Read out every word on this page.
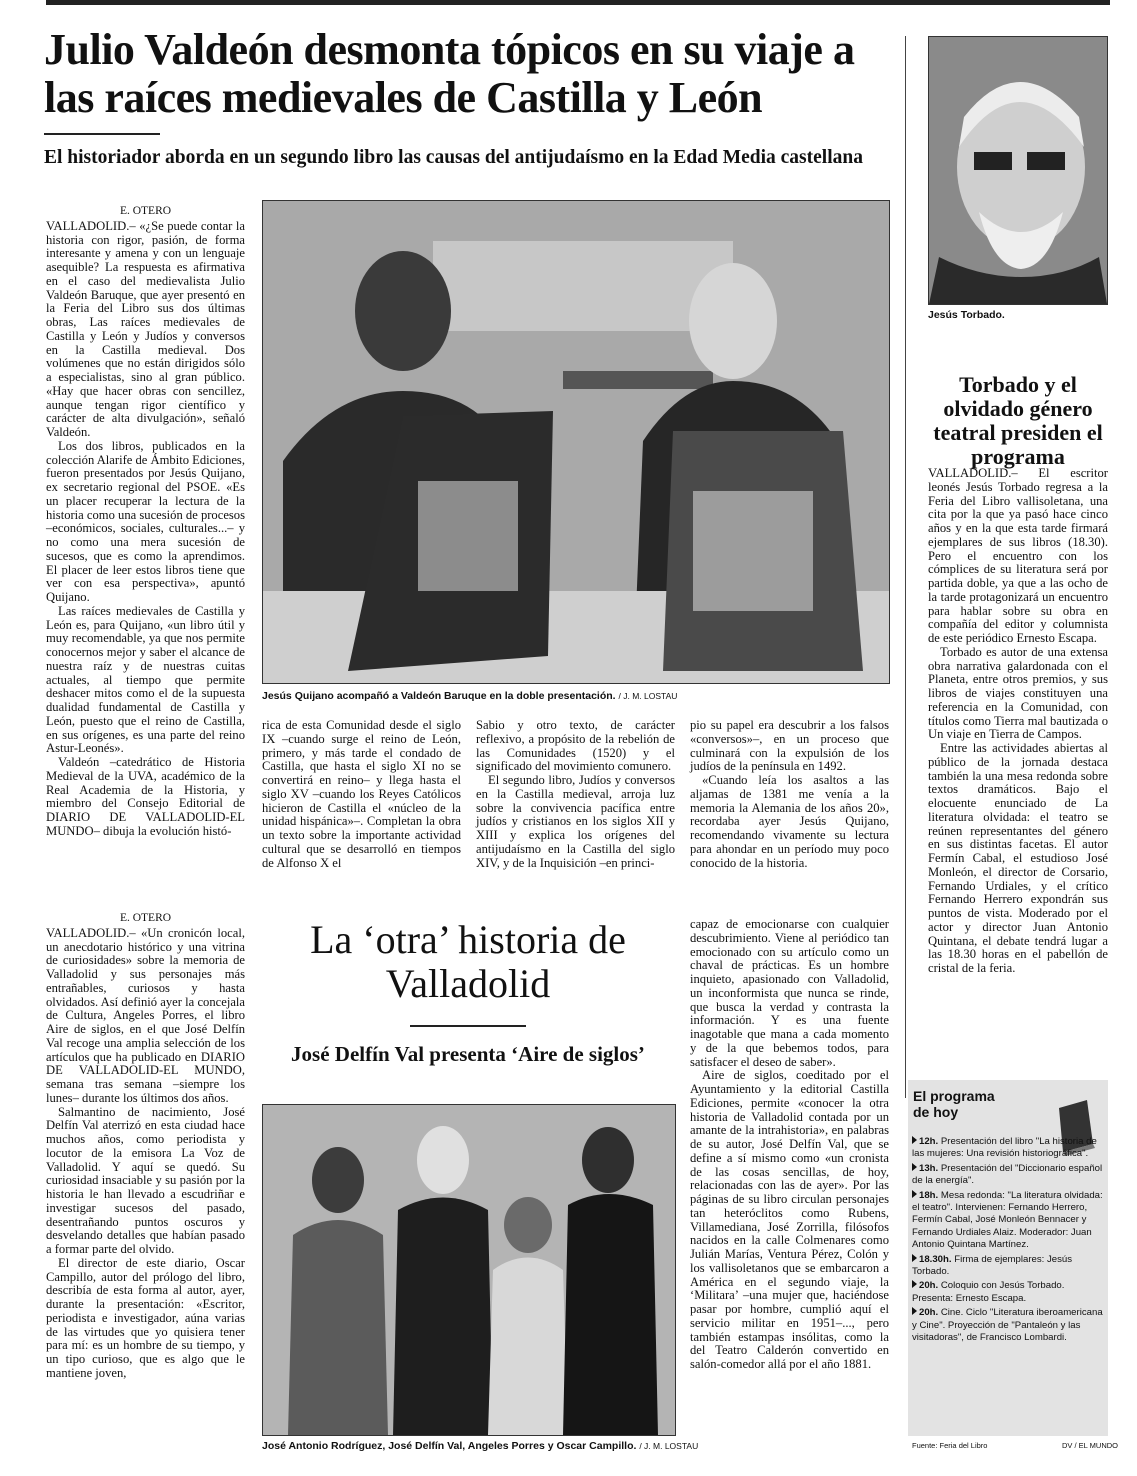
Julio Valdeón desmonta tópicos en su viaje a las raíces medievales de Castilla y León
El historiador aborda en un segundo libro las causas del antijudaísmo en la Edad Media castellana
E. OTERO

VALLADOLID.– «¿Se puede contar la historia con rigor, pasión, de forma interesante y amena y con un lenguaje asequible? La respuesta es afirmativa en el caso del medievalista Julio Valdeón Baruque, que ayer presentó en la Feria del Libro sus dos últimas obras, Las raíces medievales de Castilla y León y Judíos y conversos en la Castilla medieval. Dos volúmenes que no están dirigidos sólo a especialistas, sino al gran público. «Hay que hacer obras con sencillez, aunque tengan rigor científico y carácter de alta divulgación», señaló Valdeón.

Los dos libros, publicados en la colección Alarife de Ámbito Ediciones, fueron presentados por Jesús Quijano, ex secretario regional del PSOE. «Es un placer recuperar la lectura de la historia como una sucesión de procesos –económicos, sociales, culturales...– y no como una mera sucesión de sucesos, que es como la aprendimos. El placer de leer estos libros tiene que ver con esa perspectiva», apuntó Quijano.

Las raíces medievales de Castilla y León es, para Quijano, «un libro útil y muy recomendable, ya que nos permite conocernos mejor y saber el alcance de nuestra raíz y de nuestras cuitas actuales, al tiempo que permite deshacer mitos como el de la supuesta dualidad fundamental de Castilla y León, puesto que el reino de Castilla, en sus orígenes, es una parte del reino Astur-Leonés».

Valdeón –catedrático de Historia Medieval de la UVA, académico de la Real Academia de la Historia, y miembro del Consejo Editorial de DIARIO DE VALLADOLID-EL MUNDO– dibuja la evolución histó-

Jesús Quijano acompañó a Valdeón Baruque en la doble presentación. / J. M. LOSTAU

rica de esta Comunidad desde el siglo IX –cuando surge el reino de León, primero, y más tarde el condado de Castilla, que hasta el siglo XI no se convertirá en reino– y llega hasta el siglo XV –cuando los Reyes Católicos hicieron de Castilla el «núcleo de la unidad hispánica»–. Completan la obra un texto sobre la importante actividad cultural que se desarrolló en tiempos de Alfonso X el

Sabio y otro texto, de carácter reflexivo, a propósito de la rebelión de las Comunidades (1520) y el significado del movimiento comunero.

El segundo libro, Judíos y conversos en la Castilla medieval, arroja luz sobre la convivencia pacífica entre judíos y cristianos en los siglos XII y XIII y explica los orígenes del antijudaísmo en la Castilla del siglo XIV, y de la Inquisición –en princi-

pio su papel era descubrir a los falsos «conversos»–, en un proceso que culminará con la expulsión de los judíos de la península en 1492.

«Cuando leía los asaltos a las aljamas de 1381 me venía a la memoria la Alemania de los años 20», recordaba ayer Jesús Quijano, recomendando vivamente su lectura para ahondar en un período muy poco conocido de la historia.

E. OTERO

VALLADOLID.– «Un cronicón local, un anecdotario histórico y una vitrina de curiosidades» sobre la memoria de Valladolid y sus personajes más entrañables, curiosos y hasta olvidados. Así definió ayer la concejala de Cultura, Angeles Porres, el libro Aire de siglos, en el que José Delfín Val recoge una amplia selección de los artículos que ha publicado en DIARIO DE VALLADOLID-EL MUNDO, semana tras semana –siempre los lunes– durante los últimos dos años.

Salmantino de nacimiento, José Delfín Val aterrizó en esta ciudad hace muchos años, como periodista y locutor de la emisora La Voz de Valladolid. Y aquí se quedó. Su curiosidad insaciable y su pasión por la historia le han llevado a escudriñar e investigar sucesos del pasado, desentrañando puntos oscuros y desvelando detalles que habían pasado a formar parte del olvido.

El director de este diario, Oscar Campillo, autor del prólogo del libro, describía de esta forma al autor, ayer, durante la presentación: «Escritor, periodista e investigador, aúna varias de las virtudes que yo quisiera tener para mí: es un hombre de su tiempo, y un tipo curioso, que es algo que le mantiene joven,

La ‘otra’ historia de Valladolid
José Delfín Val presenta ‘Aire de siglos’
José Antonio Rodríguez, José Delfín Val, Angeles Porres y Oscar Campillo. / J. M. LOSTAU

capaz de emocionarse con cualquier descubrimiento. Viene al periódico tan emocionado con su artículo como un chaval de prácticas. Es un hombre inquieto, apasionado con Valladolid, un inconformista que nunca se rinde, que busca la verdad y contrasta la información. Y es una fuente inagotable que mana a cada momento y de la que bebemos todos, para satisfacer el deseo de saber».

Aire de siglos, coeditado por el Ayuntamiento y la editorial Castilla Ediciones, permite «conocer la otra historia de Valladolid contada por un amante de la intrahistoria», en palabras de su autor, José Delfín Val, que se define a sí mismo como «un cronista de las cosas sencillas, de hoy, relacionadas con las de ayer». Por las páginas de su libro circulan personajes tan heteróclitos como Rubens, Villamediana, José Zorrilla, filósofos nacidos en la calle Colmenares como Julián Marías, Ventura Pérez, Colón y los vallisoletanos que se embarcaron a América en el segundo viaje, la ‘Militara’ –una mujer que, haciéndose pasar por hombre, cumplió aquí el servicio militar en 1951–..., pero también estampas insólitas, como la del Teatro Calderón convertido en salón-comedor allá por el año 1881.

Jesús Torbado.
Torbado y el olvidado género teatral presiden el programa

VALLADOLID.– El escritor leonés Jesús Torbado regresa a la Feria del Libro vallisoletana, una cita por la que ya pasó hace cinco años y en la que esta tarde firmará ejemplares de sus libros (18.30). Pero el encuentro con los cómplices de su literatura será por partida doble, ya que a las ocho de la tarde protagonizará un encuentro para hablar sobre su obra en compañía del editor y columnista de este periódico Ernesto Escapa.

Torbado es autor de una extensa obra narrativa galardonada con el Planeta, entre otros premios, y sus libros de viajes constituyen una referencia en la Comunidad, con títulos como Tierra mal bautizada o Un viaje en Tierra de Campos.

Entre las actividades abiertas al público de la jornada destaca también la una mesa redonda sobre textos dramáticos. Bajo el elocuente enunciado de La literatura olvidada: el teatro se reúnen representantes del género en sus distintas facetas. El autor Fermín Cabal, el estudioso José Monleón, el director de Corsario, Fernando Urdiales, y el crítico Fernando Herrero expondrán sus puntos de vista. Moderado por el actor y director Juan Antonio Quintana, el debate tendrá lugar a las 18.30 horas en el pabellón de cristal de la feria.

El programa
de hoy
12h. Presentación del libro "La historia de las mujeres: Una revisión historiográfica".
13h. Presentación del "Diccionario español de la energía".
18h. Mesa redonda: "La literatura olvidada: el teatro". Intervienen: Fernando Herrero, Fermín Cabal, José Monleón Bennacer y Fernando Urdiales Alaiz. Moderador: Juan Antonio Quintana Martínez.
18.30h. Firma de ejemplares: Jesús Torbado.
20h. Coloquio con Jesús Torbado. Presenta: Ernesto Escapa.
20h. Cine. Ciclo "Literatura iberoamericana y Cine". Proyección de "Pantaleón y las visitadoras", de Francisco Lombardi.
Fuente: Feria del Libro	DV / EL MUNDO
